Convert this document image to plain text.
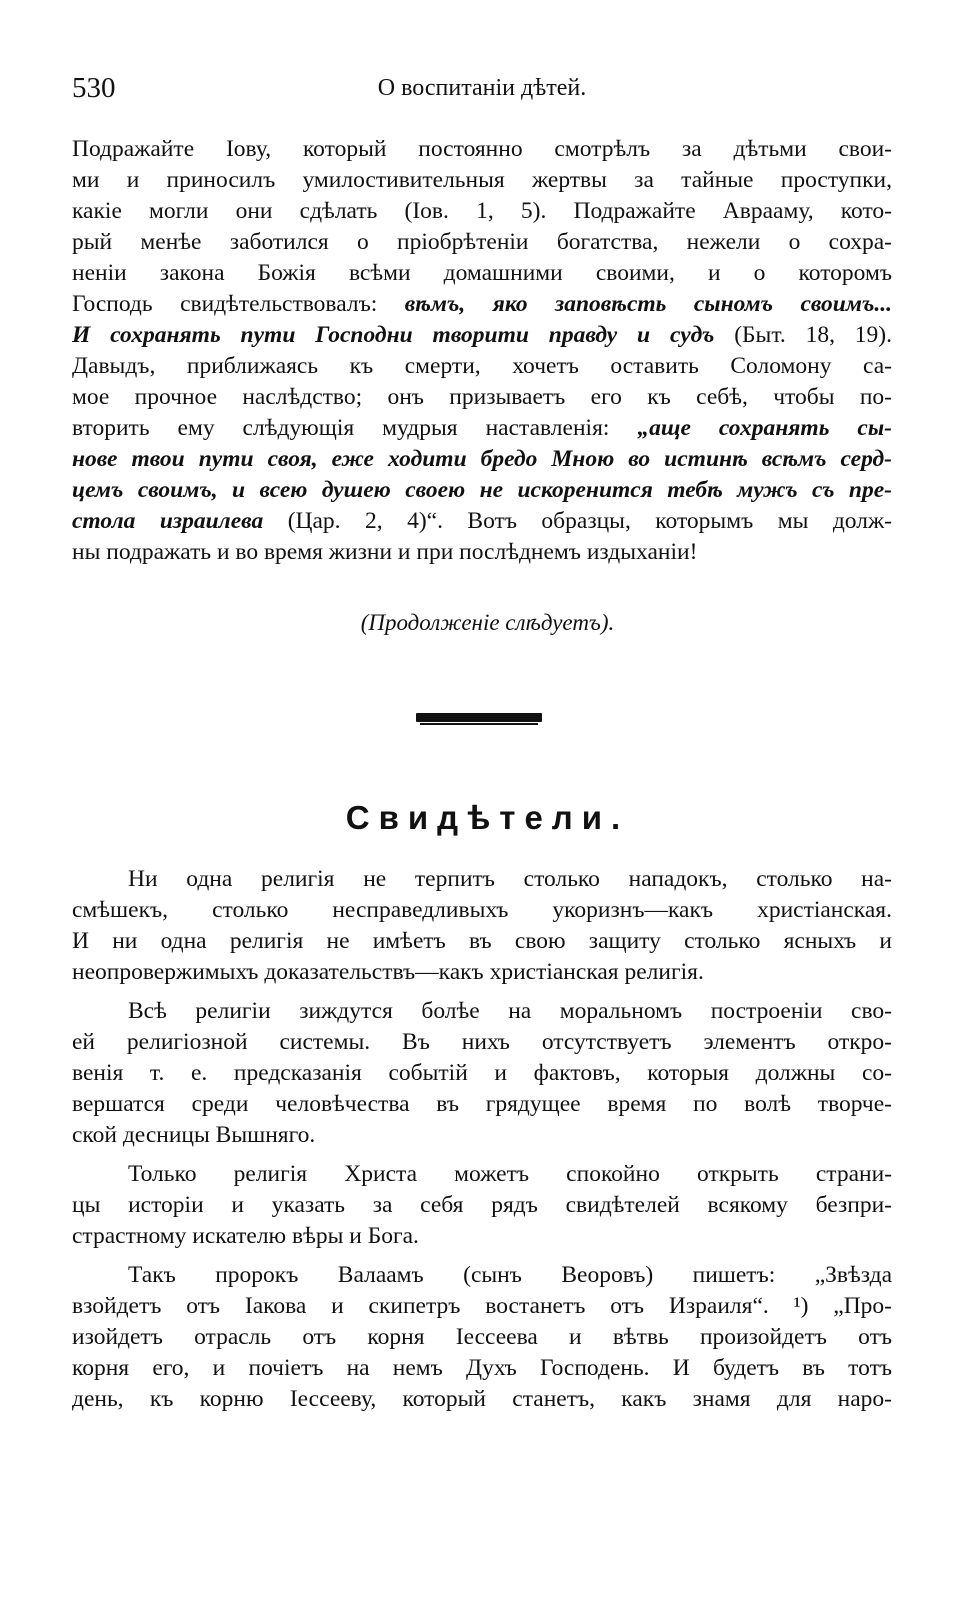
530	О воспитанiи дѣтей.
Подражайте Iову, который постоянно смотрѣлъ за дѣтьми свои-
ми и приносилъ умилостивительныя жертвы за тайные проступки,
какiе могли они сдѣлать (Iов. 1, 5). Подражайте Аврааму, кото-
рый менѣе заботился о прiобрѣтенiи богатства, нежели о сохра-
ненiи закона Божiя всѣми домашними своими, и о которомъ
Господь свидѣтельствовалъ: вѣмъ, яко заповѣсть сыномъ своимъ...
И сохранять пути Господни творити правду и судъ (Быт. 18, 19).
Давыдъ, приближаясь къ смерти, хочетъ оставить Соломону са-
мое прочное наслѣдство; онъ призываетъ его къ себѣ, чтобы по-
вторить ему слѣдующiя мудрыя наставленiя: „аще сохранять сы-
нове твои пути своя, еже ходити бредо Мною во истинѣ всѣмъ серд-
цемъ своимъ, и всею душею своею не искоренится тебѣ мужъ съ пре-
стола израилева (Цар. 2, 4)“. Вотъ образцы, которымъ мы долж-
ны подражать и во время жизни и при послѣднемъ издыханiи!
(Продолженiе слѣдуетъ).
Свидѣтели.
Ни одна религiя не терпитъ столько нападокъ, столько на-
смѣшекъ, столько несправедливыхъ укоризнъ—какъ христiанская.
И ни одна религiя не имѣетъ въ свою защиту столько ясныхъ и
неопровержимыхъ доказательствъ—какъ христiанская религiя.
Всѣ религiи зиждутся болѣе на моральномъ построенiи сво-
ей религiозной системы. Въ нихъ отсутствуетъ элементъ откро-
венiя т. е. предсказанiя событiй и фактовъ, которыя должны со-
вершатся среди человѣчества въ грядущее время по волѣ творче-
ской десницы Вышняго.
Только религiя Христа можетъ спокойно открыть страни-
цы исторiи и указать за себя рядъ свидѣтелей всякому безпри-
страстному искателю вѣры и Бога.
Такъ пророкъ Валаамъ (сынъ Веоровъ) пишетъ: „Звѣзда
взойдетъ отъ Iакова и скипетръ востанетъ отъ Израиля“. ¹) „Про-
изойдетъ отрасль отъ корня Iессеева и вѣтвь произойдетъ отъ
корня его, и почiетъ на немъ Духъ Господень. И будетъ въ тотъ
день, къ корню Iессееву, который станетъ, какъ знамя для наро-
